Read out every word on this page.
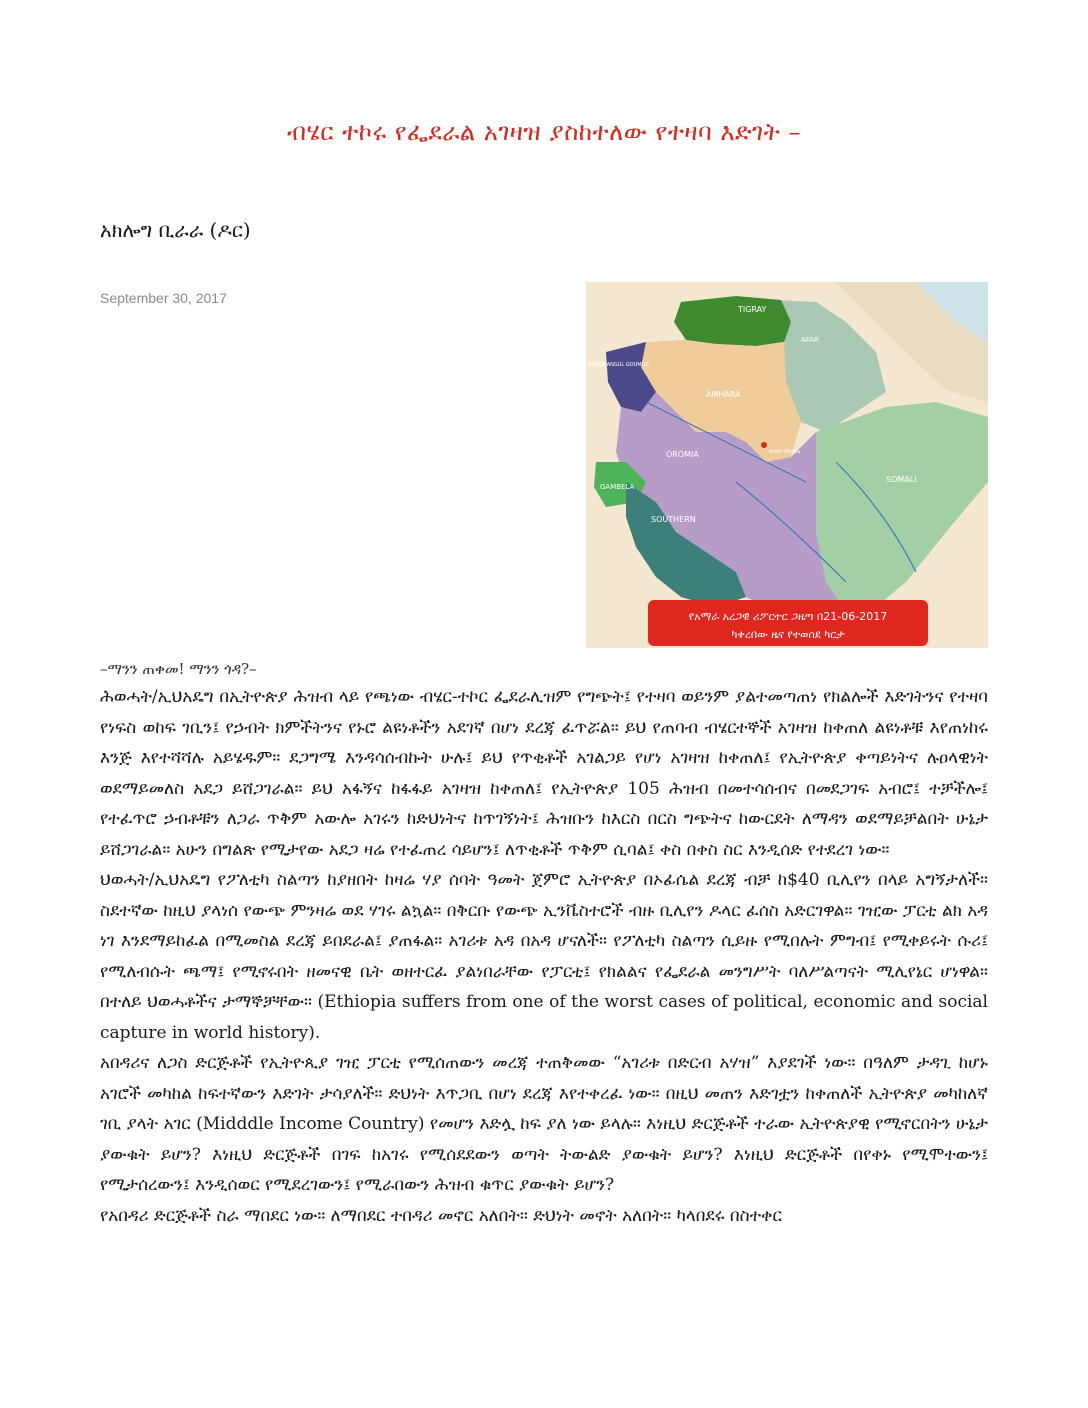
ብሄር ተኮሩ የፌደራል አገዛዝ ያስከተለው የተዛባ እድገት –
አክሎግ ቢራራ (ዶር)
September 30, 2017
TIGRAY
AFAR
AMHARA
BENISHANGUL GOUMUZ
OROMIA
GAMBELA
SOUTHERN
SOMALI
Addis Ababa
የአማራ አረጋዊ ሪፖርተር ጋዜጣ በ21-06-2017
ካቀረበው ዜና የተወሰደ ካርታ
–ማንን ጠቀመ! ማንን ጎዳ?–

ሕወሓት/ኢህአዴግ በኢትዮጵያ ሕዝብ ላይ የጫነው ብሄር-ተኮር ፌደራሊዝም የግጭት፤ የተዛባ ወይንም ያልተመጣጠነ የክልሎች እድገትንና የተዛባ የነፍስ ወከፍ ገቢን፤ የኃብት ክምችትንና የኑሮ ልዩነቶችን አደገኛ በሆነ ደረጃ ፈጥሯል። ይህ የጠባብ ብሄርተኞች አገዛዝ ከቀጠለ ልዩነቶቹ እየጠነከሩ እንጅ እየተሻሻሉ አይሄዱም። ደጋግሜ እንዳሳሰብኩት ሁሉ፤ ይህ የጥቂቶች አገልጋይ የሆነ አገዛዝ ከቀጠለ፤ የኢትዮጵያ ቀጣይነትና ሉዐላዊነት ወደማይመለስ አደጋ ይሸጋገራል። ይህ አፋኝና ከፋፋይ አገዛዝ ከቀጠለ፤ የኢትዮጵያ 105 ሕዝብ በመተሳሰብና በመደጋገፍ አብሮ፤ ተቻችሎ፤ የተፈጥሮ ኃብቶቹን ለጋራ ጥቅም አውሎ አገሩን ከድህነትና ከጥገኝነት፤ ሕዝቡን ከእርስ በርስ ግጭትና ከውርደት ለማዳን ወደማይቻልበት ሁኔታ ይሸጋገራል። አሁን በግልጽ የሚታየው አደጋ ዛሬ የተፈጠረ ሳይሆን፤ ለጥቂቶች ጥቅም ሲባል፤ ቀስ በቀስ ስር እንዲሰድ የተደረገ ነው።

ህወሓት/ኢህአዴግ የፖለቲካ ስልጣን ከያዘበት ከዛሬ ሃያ ሰባት ዓመት ጀምሮ ኢትዮጵያ በኦፊሴል ደረጃ ብቻ ከ$40 ቢሊየን በላይ አግኝታለች። ስደተኛው ከዚህ ያላነሰ የውጭ ምንዛሬ ወደ ሃገሩ ልኳል። በቅርቡ የውጭ ኢንቬስተሮች ብዙ ቢሊየን ዶላር ፈሰስ አድርገዋል። ገዢው ፓርቲ ልክ አዳ ነገ እንደማይከፈል በሚመስል ደረጃ ይበደራል፤ ያጠፋል። አገሪቱ አዳ በአዳ ሆናለች። የፖለቲካ ስልጣን ሲይዙ የሚበሉት ምግብ፤ የሚቀይሩት ሱሪ፤ የሚለብሱት ጫማ፤ የሚኖሩበት ዘመናዊ ቤት ወዘተርፈ ያልነበራቸው የፓርቲ፤ የክልልና የፌደራል መንግሥት ባለሥልጣናት ሚሊየኔር ሆነዋል። በተለይ ህወሓቶችና ታማኞቻቸው። (Ethiopia suffers from one of the worst cases of political, economic and social capture in world history).

አበዳሪና ለጋስ ድርጅቶች የኢትዮጲያ ገዢ ፓርቲ የሚሰጠውን መረጃ ተጠቅመው “አገሪቱ በድርብ አሃዝ” እያደገች ነው። በዓለም ታዳጊ ከሆኑ አገሮች መካከል ከፍተኛውን እድገት ታሳያለች። ድህነት እጥጋቢ በሆነ ደረጃ እየተቀረፈ ነው። በዚህ መጠን እድገቷን ከቀጠለች ኢትዮጵያ መካከለኛ ገቢ ያላት አገር (Midddle Income Country) የመሆን እድሏ ከፍ ያለ ነው ይላሉ። እነዚህ ድርጅቶች ተራው ኢትዮጵያዊ የሚኖርበትን ሁኔታ ያውቁት ይሆን? እነዚህ ድርጅቶች በገፍ ከአገሩ የሚሰደደውን ወጣት ትውልድ ያውቁት ይሆን? እነዚህ ድርጅቶች በየቀኑ የሚሞተውን፤ የሚታሰረውን፤ እንዲሰወር የሚደረገውን፤ የሚራበውን ሕዝብ ቁጥር ያውቁት ይሆን?

የአበዳሪ ድርጅቶች ስራ ማበደር ነው። ለማበደር ተበዳሪ መኖር አለበት። ድህነት መኖት አለበት። ካላበደሩ በስተቀር
